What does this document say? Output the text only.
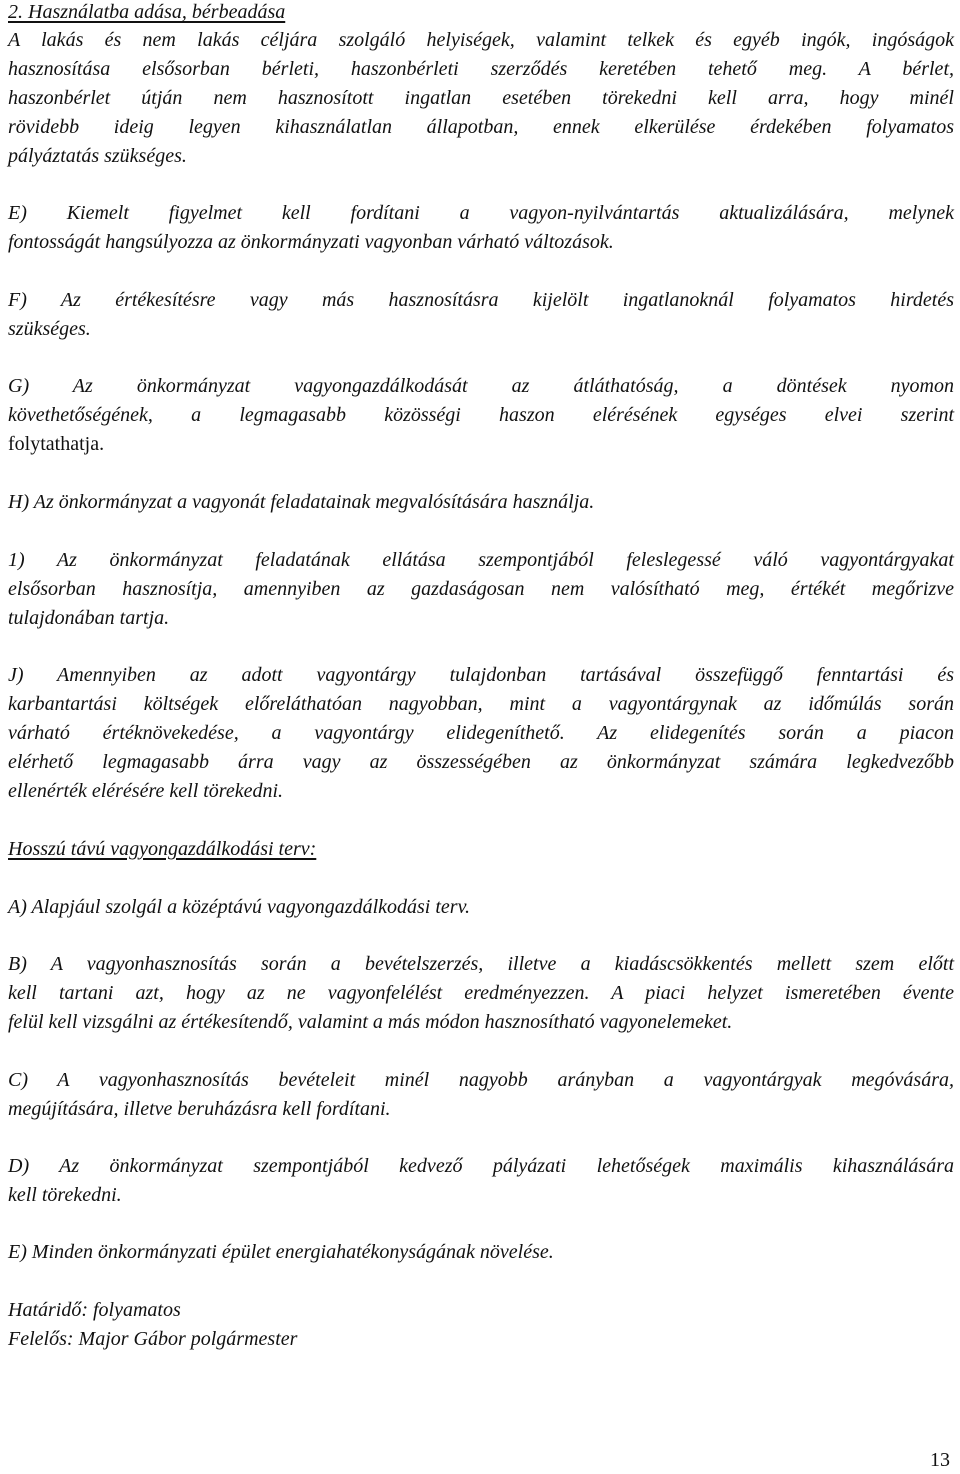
2. Használatba adása, bérbeadása
A lakás és nem lakás céljára szolgáló helyiségek, valamint telkek és egyéb ingók, ingóságok
hasznosítása elsősorban bérleti, haszonbérleti szerződés keretében tehető meg. A bérlet,
haszonbérlet útján nem hasznosított ingatlan esetében törekedni kell arra, hogy minél
rövidebb ideig legyen kihasználatlan állapotban, ennek elkerülése érdekében folyamatos
pályáztatás szükséges.
E) Kiemelt figyelmet kell fordítani a vagyon-nyilvántartás aktualizálására, melynek
fontosságát hangsúlyozza az önkormányzati vagyonban várható változások.
F) Az értékesítésre vagy más hasznosításra kijelölt ingatlanoknál folyamatos hirdetés
szükséges.
G) Az önkormányzat vagyongazdálkodását az átláthatóság, a döntések nyomon
követhetőségének, a legmagasabb közösségi haszon elérésének egységes elvei szerint
folytathatja.
H) Az önkormányzat a vagyonát feladatainak megvalósítására használja.
1) Az önkormányzat feladatának ellátása szempontjából feleslegessé váló vagyontárgyakat
elsősorban hasznosítja, amennyiben az gazdaságosan nem valósítható meg, értékét megőrizve
tulajdonában tartja.
J) Amennyiben az adott vagyontárgy tulajdonban tartásával összefüggő fenntartási és
karbantartási költségek előreláthatóan nagyobban, mint a vagyontárgynak az időmúlás során
várható értéknövekedése, a vagyontárgy elidegeníthető. Az elidegenítés során a piacon
elérhető legmagasabb árra vagy az összességében az önkormányzat számára legkedvezőbb
ellenérték elérésére kell törekedni.
Hosszú távú vagyongazdálkodási terv:
A) Alapjául szolgál a középtávú vagyongazdálkodási terv.
B) A vagyonhasznosítás során a bevételszerzés, illetve a kiadáscsökkentés mellett szem előtt
kell tartani azt, hogy az ne vagyonfelélést eredményezzen. A piaci helyzet ismeretében évente
felül kell vizsgálni az értékesítendő, valamint a más módon hasznosítható vagyonelemeket.
C) A vagyonhasznosítás bevételeit minél nagyobb arányban a vagyontárgyak megóvására,
megújítására, illetve beruházásra kell fordítani.
D) Az önkormányzat szempontjából kedvező pályázati lehetőségek maximális kihasználására
kell törekedni.
E) Minden önkormányzati épület energiahatékonyságának növelése.
Határidő: folyamatos
Felelős: Major Gábor polgármester
13
